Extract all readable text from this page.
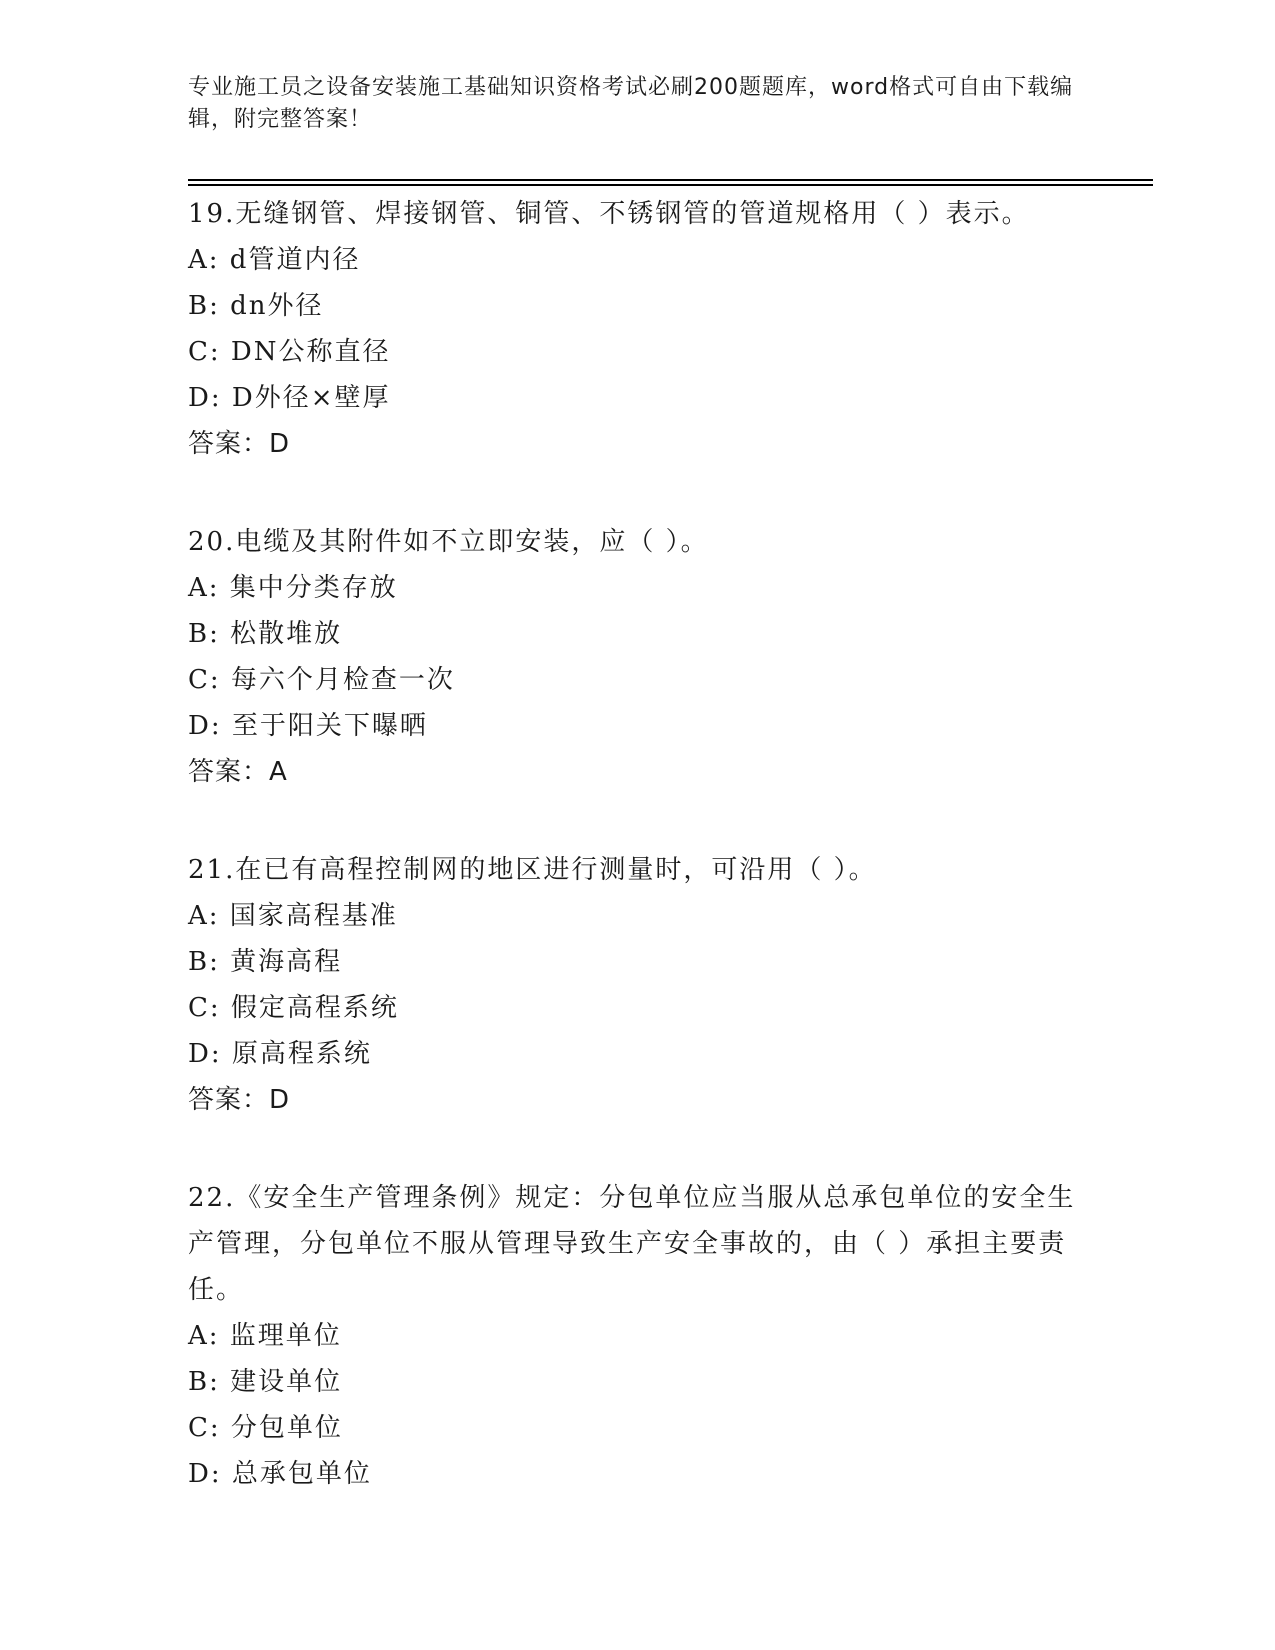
专业施工员之设备安装施工基础知识资格考试必刷200题题库，word格式可自由下载编辑，附完整答案！
19.无缝钢管、焊接钢管、铜管、不锈钢管的管道规格用（ ）表示。
A: d管道内径
B: dn外径
C: DN公称直径
D: D外径×壁厚
答案：D
20.电缆及其附件如不立即安装，应（ ）。
A: 集中分类存放
B: 松散堆放
C: 每六个月检查一次
D: 至于阳关下曝晒
答案：A
21.在已有高程控制网的地区进行测量时，可沿用（ ）。
A: 国家高程基准
B: 黄海高程
C: 假定高程系统
D: 原高程系统
答案：D
22.《安全生产管理条例》规定：分包单位应当服从总承包单位的安全生产管理，分包单位不服从管理导致生产安全事故的，由（ ）承担主要责任。
A: 监理单位
B: 建设单位
C: 分包单位
D: 总承包单位
